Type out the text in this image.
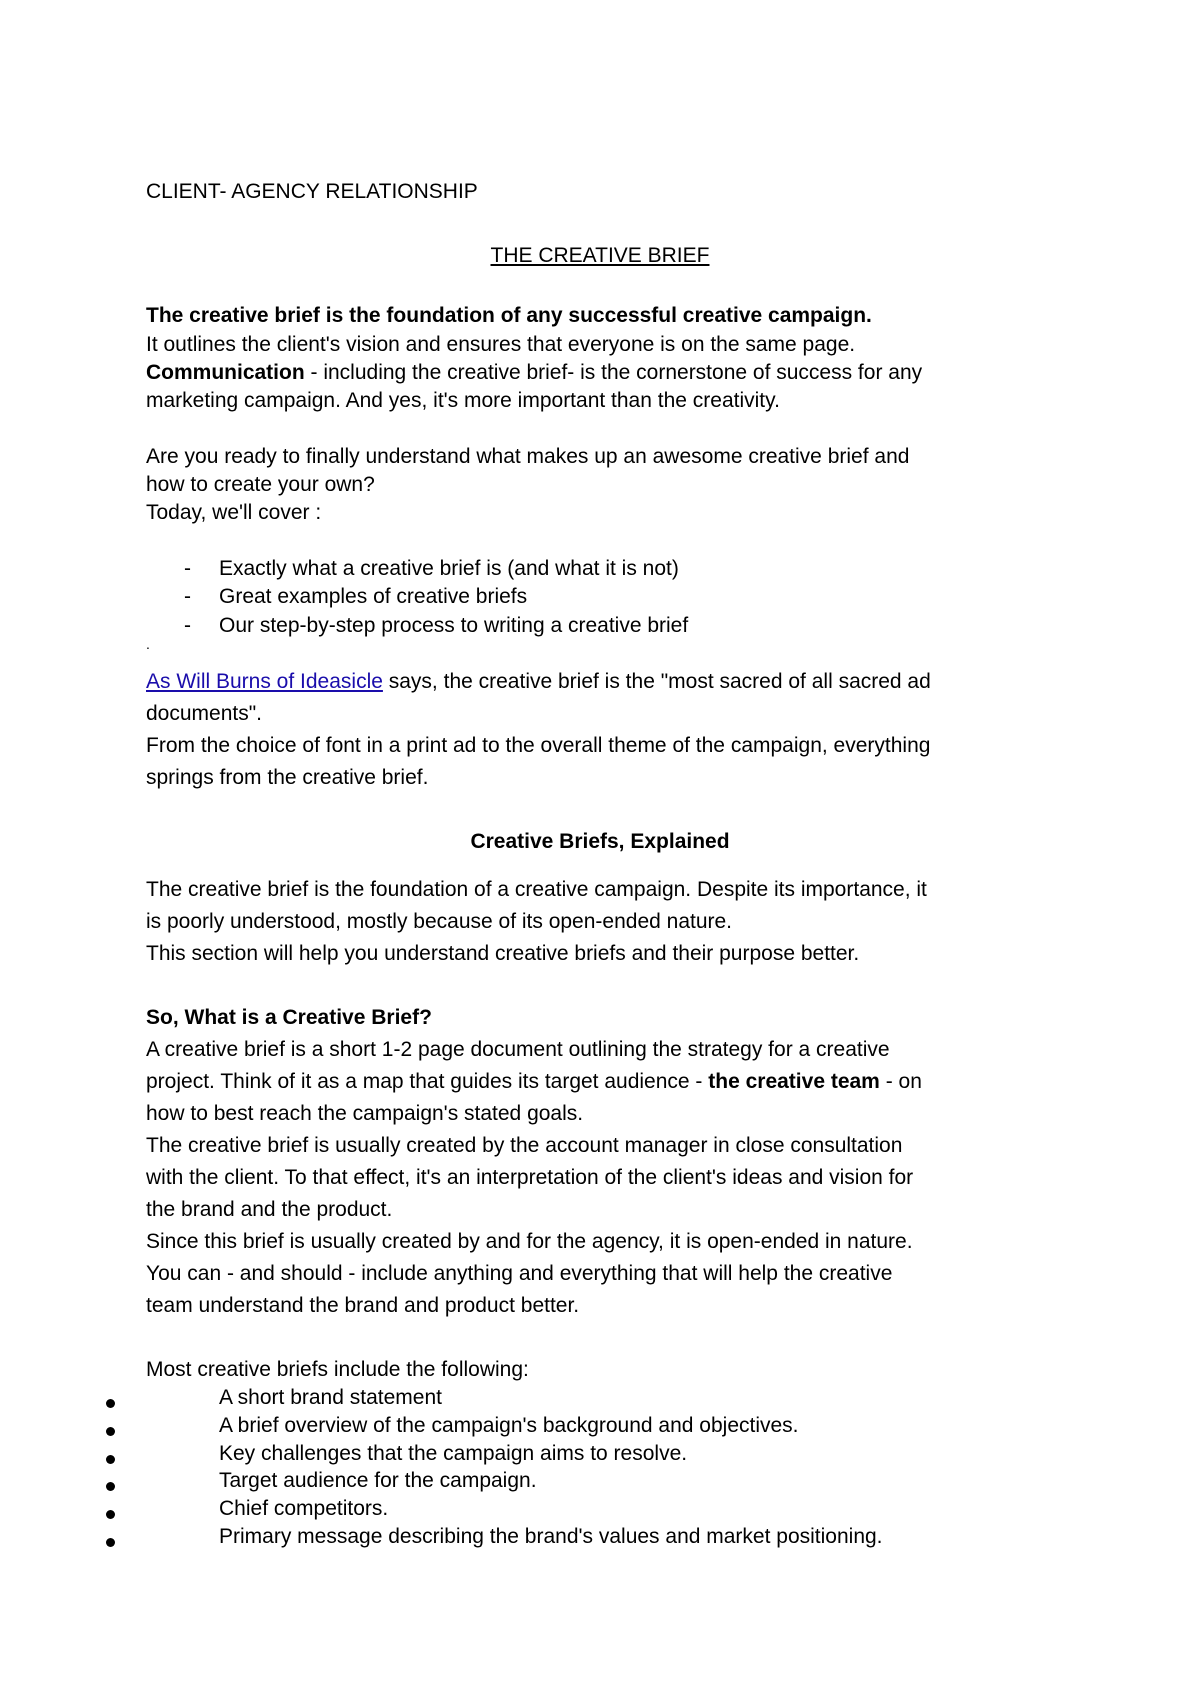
CLIENT- AGENCY RELATIONSHIP
THE CREATIVE BRIEF
The creative brief is the foundation of any successful creative campaign.
It outlines the client's vision and ensures that everyone is on the same page.
Communication - including the creative brief- is the cornerstone of success for any
marketing campaign. And yes, it's more important than the creativity.
Are you ready to finally understand what makes up an awesome creative brief and
how to create your own?
Today, we'll cover :
- Exactly what a creative brief is (and what it is not)
- Great examples of creative briefs
- Our step-by-step process to writing a creative brief
.
As Will Burns of Ideasicle says, the creative brief is the "most sacred of all sacred ad
documents".
From the choice of font in a print ad to the overall theme of the campaign, everything
springs from the creative brief.
Creative Briefs, Explained
The creative brief is the foundation of a creative campaign. Despite its importance, it
is poorly understood, mostly because of its open-ended nature.
This section will help you understand creative briefs and their purpose better.
So, What is a Creative Brief?
A creative brief is a short 1-2 page document outlining the strategy for a creative
project. Think of it as a map that guides its target audience - the creative team - on
how to best reach the campaign's stated goals.
The creative brief is usually created by the account manager in close consultation
with the client. To that effect, it's an interpretation of the client's ideas and vision for
the brand and the product.
Since this brief is usually created by and for the agency, it is open-ended in nature.
You can - and should - include anything and everything that will help the creative
team understand the brand and product better.
Most creative briefs include the following:
A short brand statement
A brief overview of the campaign's background and objectives.
Key challenges that the campaign aims to resolve.
Target audience for the campaign.
Chief competitors.
Primary message describing the brand's values and market positioning.
